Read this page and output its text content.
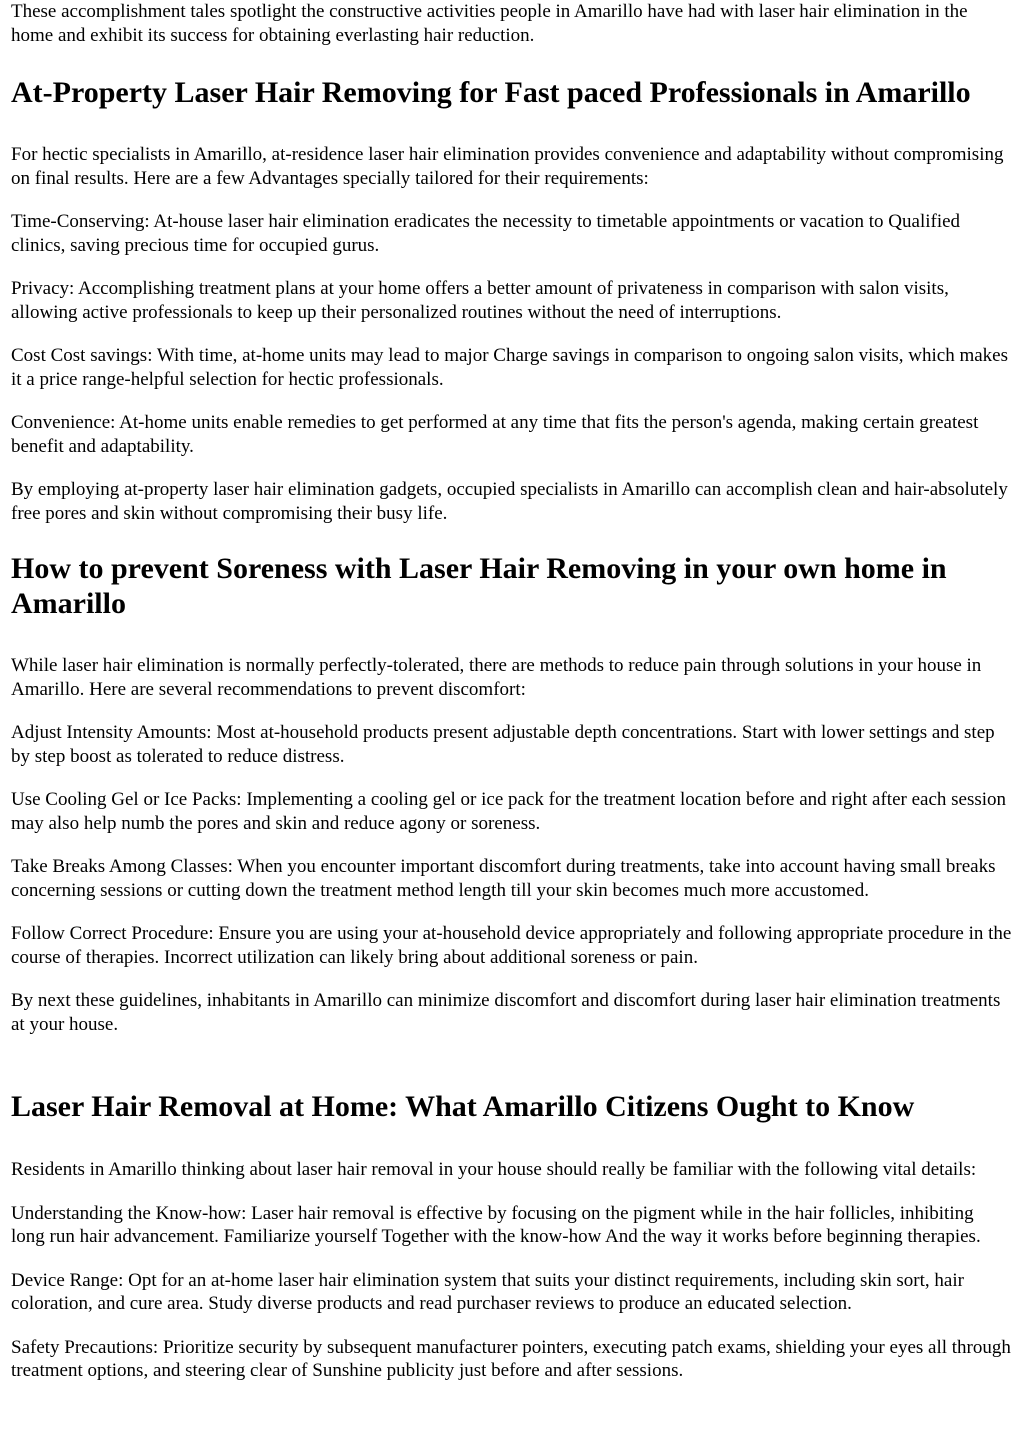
These accomplishment tales spotlight the constructive activities people in Amarillo have had with laser hair elimination in the home and exhibit its success for obtaining everlasting hair reduction.

At-Property Laser Hair Removing for Fast paced Professionals in Amarillo

For hectic specialists in Amarillo, at-residence laser hair elimination provides convenience and adaptability without compromising on final results. Here are a few Advantages specially tailored for their requirements:

Time-Conserving: At-house laser hair elimination eradicates the necessity to timetable appointments or vacation to Qualified clinics, saving precious time for occupied gurus.

Privacy: Accomplishing treatment plans at your home offers a better amount of privateness in comparison with salon visits, allowing active professionals to keep up their personalized routines without the need of interruptions.

Cost Cost savings: With time, at-home units may lead to major Charge savings in comparison to ongoing salon visits, which makes it a price range-helpful selection for hectic professionals.

Convenience: At-home units enable remedies to get performed at any time that fits the person's agenda, making certain greatest benefit and adaptability.

By employing at-property laser hair elimination gadgets, occupied specialists in Amarillo can accomplish clean and hair-absolutely free pores and skin without compromising their busy life.

How to prevent Soreness with Laser Hair Removing in your own home in Amarillo

While laser hair elimination is normally perfectly-tolerated, there are methods to reduce pain through solutions in your house in Amarillo. Here are several recommendations to prevent discomfort:

Adjust Intensity Amounts: Most at-household products present adjustable depth concentrations. Start with lower settings and step by step boost as tolerated to reduce distress.

Use Cooling Gel or Ice Packs: Implementing a cooling gel or ice pack for the treatment location before and right after each session may also help numb the pores and skin and reduce agony or soreness.

Take Breaks Among Classes: When you encounter important discomfort during treatments, take into account having small breaks concerning sessions or cutting down the treatment method length till your skin becomes much more accustomed.

Follow Correct Procedure: Ensure you are using your at-household device appropriately and following appropriate procedure in the course of therapies. Incorrect utilization can likely bring about additional soreness or pain.

By next these guidelines, inhabitants in Amarillo can minimize discomfort and discomfort during laser hair elimination treatments at your house.

Laser Hair Removal at Home: What Amarillo Citizens Ought to Know

Residents in Amarillo thinking about laser hair removal in your house should really be familiar with the following vital details:

Understanding the Know-how: Laser hair removal is effective by focusing on the pigment while in the hair follicles, inhibiting long run hair advancement. Familiarize yourself Together with the know-how And the way it works before beginning therapies.

Device Range: Opt for an at-home laser hair elimination system that suits your distinct requirements, including skin sort, hair coloration, and cure area. Study diverse products and read purchaser reviews to produce an educated selection.

Safety Precautions: Prioritize security by subsequent manufacturer pointers, executing patch exams, shielding your eyes all through treatment options, and steering clear of Sunshine publicity just before and after sessions.
